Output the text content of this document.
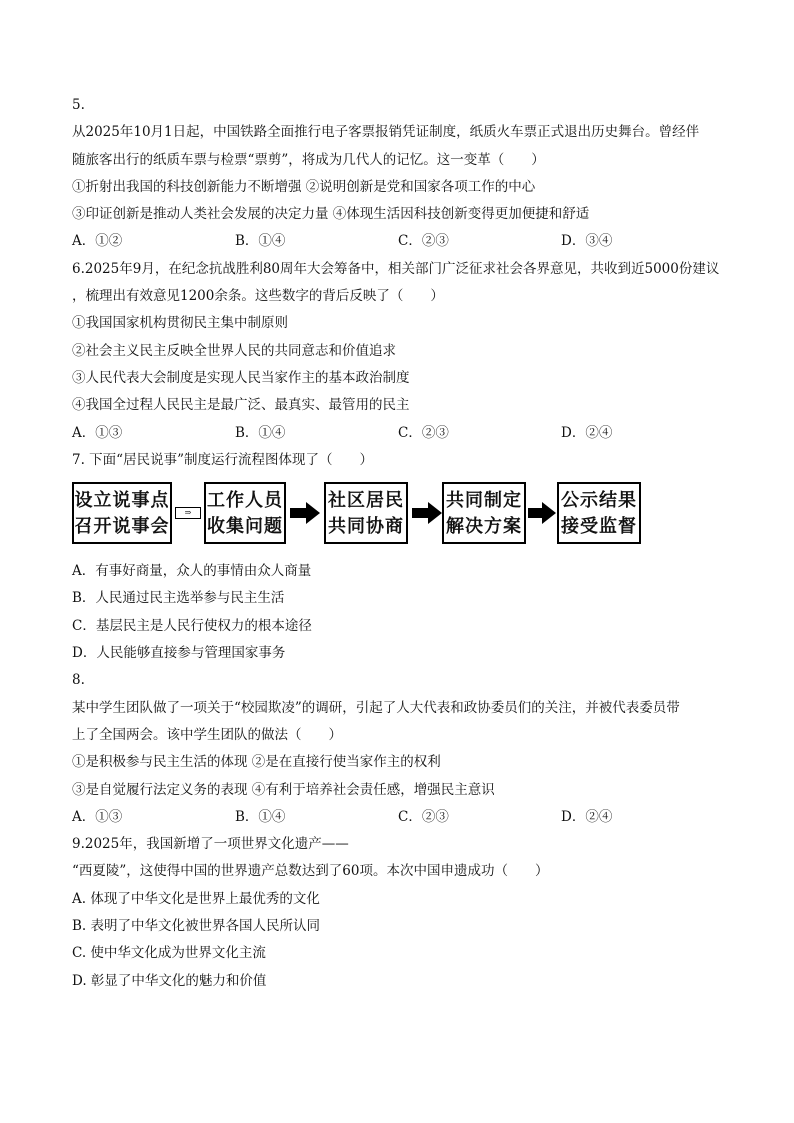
5.
从2025年10月1日起，中国铁路全面推行电子客票报销凭证制度，纸质火车票正式退出历史舞台。曾经伴
随旅客出行的纸质车票与检票“票剪”，将成为几代人的记忆。这一变革（　　）
①折射出我国的科技创新能力不断增强 ②说明创新是党和国家各项工作的中心
③印证创新是推动人类社会发展的决定力量 ④体现生活因科技创新变得更加便捷和舒适
A．①②	B．①④	C．②③	D．③④
6.2025年9月，在纪念抗战胜利80周年大会筹备中，相关部门广泛征求社会各界意见，共收到近5000份建议
，梳理出有效意见1200余条。这些数字的背后反映了（　　）
①我国国家机构贯彻民主集中制原则
②社会主义民主反映全世界人民的共同意志和价值追求
③人民代表大会制度是实现人民当家作主的基本政治制度
④我国全过程人民民主是最广泛、最真实、最管用的民主
A．①③	B．①④	C．②③	D．②④
7. 下面“居民说事”制度运行流程图体现了（　　）
设立说事点
召开说事会
⇒
工作人员
收集问题
社区居民
共同协商
共同制定
解决方案
公示结果
接受监督
A．有事好商量，众人的事情由众人商量
B．人民通过民主选举参与民主生活
C．基层民主是人民行使权力的根本途径
D．人民能够直接参与管理国家事务
8.
某中学生团队做了一项关于“校园欺凌”的调研，引起了人大代表和政协委员们的关注，并被代表委员带
上了全国两会。该中学生团队的做法（　　）
①是积极参与民主生活的体现 ②是在直接行使当家作主的权利
③是自觉履行法定义务的表现 ④有利于培养社会责任感，增强民主意识
A．①③	B．①④	C．②③	D．②④
9.2025年，我国新增了一项世界文化遗产——
“西夏陵”，这使得中国的世界遗产总数达到了60项。本次中国申遗成功（　　）
A. 体现了中华文化是世界上最优秀的文化
B. 表明了中华文化被世界各国人民所认同
C. 使中华文化成为世界文化主流
D. 彰显了中华文化的魅力和价值
